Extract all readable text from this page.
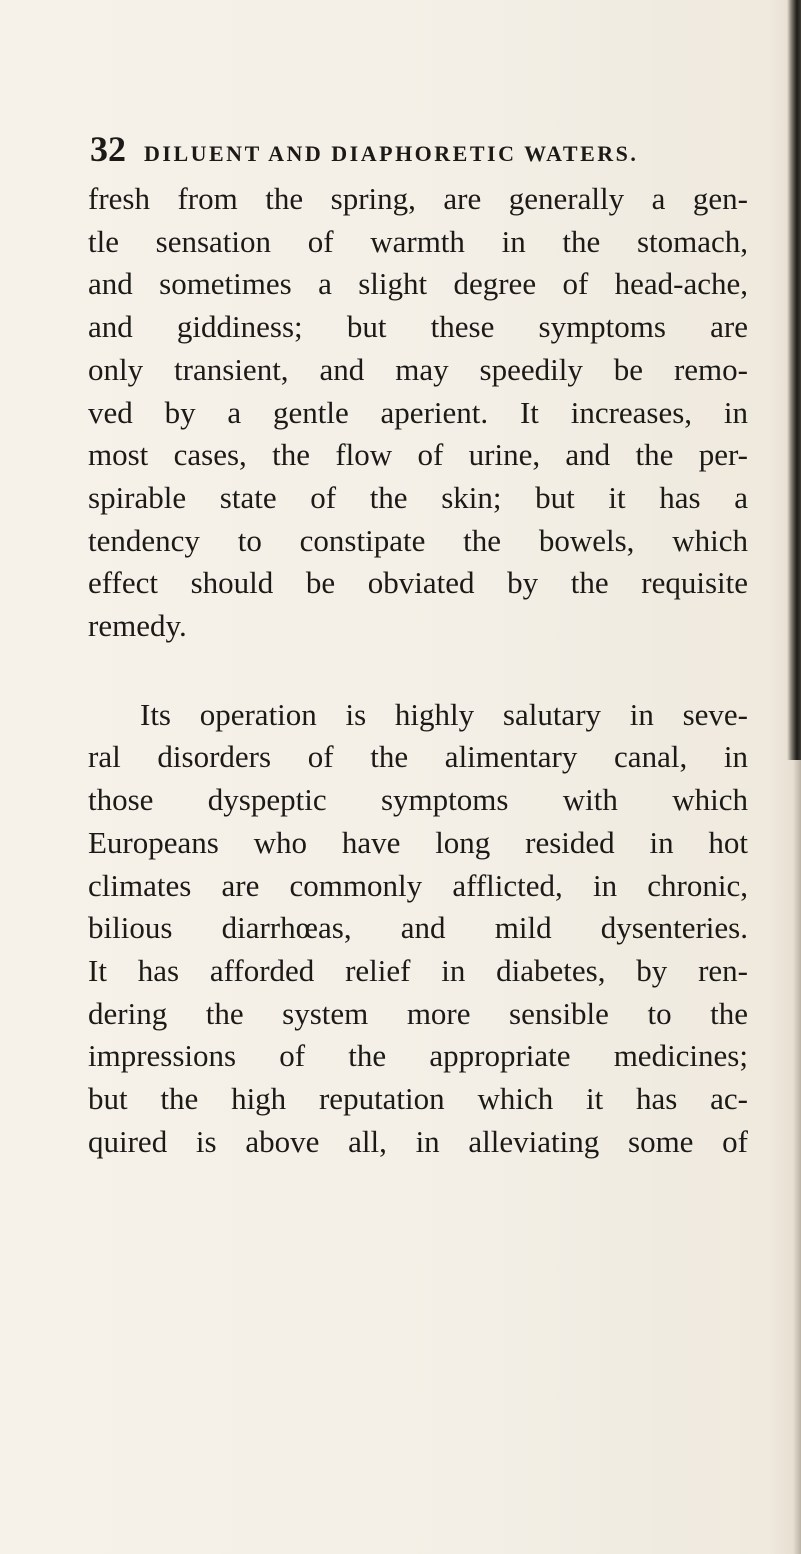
32 DILUENT AND DIAPHORETIC WATERS.
fresh from the spring, are generally a gen-
tle sensation of warmth in the stomach,
and sometimes a slight degree of head-ache,
and giddiness; but these symptoms are
only transient, and may speedily be remo-
ved by a gentle aperient. It increases, in
most cases, the flow of urine, and the per-
spirable state of the skin; but it has a
tendency to constipate the bowels, which
effect should be obviated by the requisite
remedy.
Its operation is highly salutary in seve-
ral disorders of the alimentary canal, in
those dyspeptic symptoms with which
Europeans who have long resided in hot
climates are commonly afflicted, in chronic,
bilious diarrhœas, and mild dysenteries.
It has afforded relief in diabetes, by ren-
dering the system more sensible to the
impressions of the appropriate medicines;
but the high reputation which it has ac-
quired is above all, in alleviating some of
